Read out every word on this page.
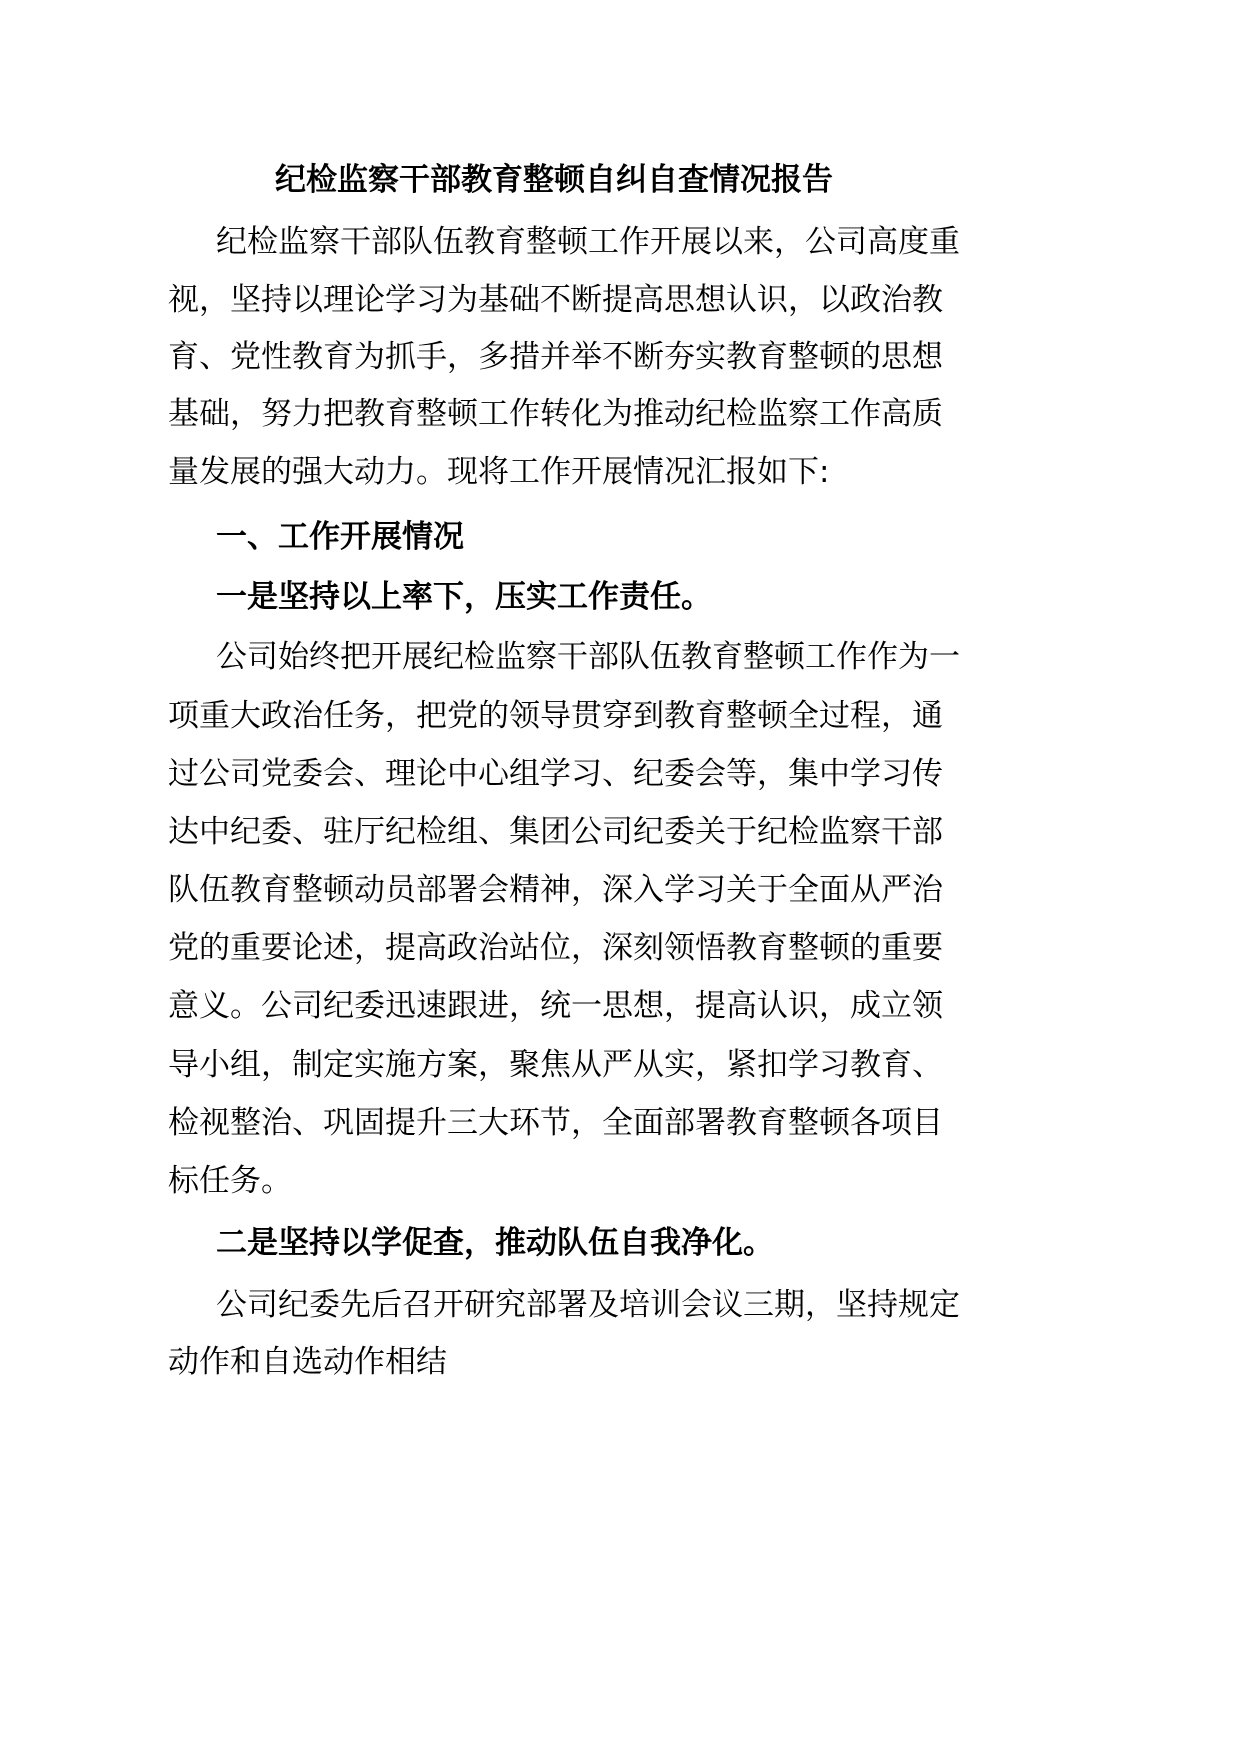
纪检监察干部教育整顿自纠自查情况报告
纪检监察干部队伍教育整顿工作开展以来，公司高度重
视，坚持以理论学习为基础不断提高思想认识，以政治教
育、党性教育为抓手，多措并举不断夯实教育整顿的思想
基础，努力把教育整顿工作转化为推动纪检监察工作高质
量发展的强大动力。现将工作开展情况汇报如下:
一、工作开展情况
一是坚持以上率下，压实工作责任。
公司始终把开展纪检监察干部队伍教育整顿工作作为一
项重大政治任务，把党的领导贯穿到教育整顿全过程，通
过公司党委会、理论中心组学习、纪委会等，集中学习传
达中纪委、驻厅纪检组、集团公司纪委关于纪检监察干部
队伍教育整顿动员部署会精神，深入学习关于全面从严治
党的重要论述，提高政治站位，深刻领悟教育整顿的重要
意义。公司纪委迅速跟进，统一思想，提高认识，成立领
导小组，制定实施方案，聚焦从严从实，紧扣学习教育、
检视整治、巩固提升三大环节，全面部署教育整顿各项目
标任务。
二是坚持以学促查，推动队伍自我净化。
公司纪委先后召开研究部署及培训会议三期，坚持规定
动作和自选动作相结
